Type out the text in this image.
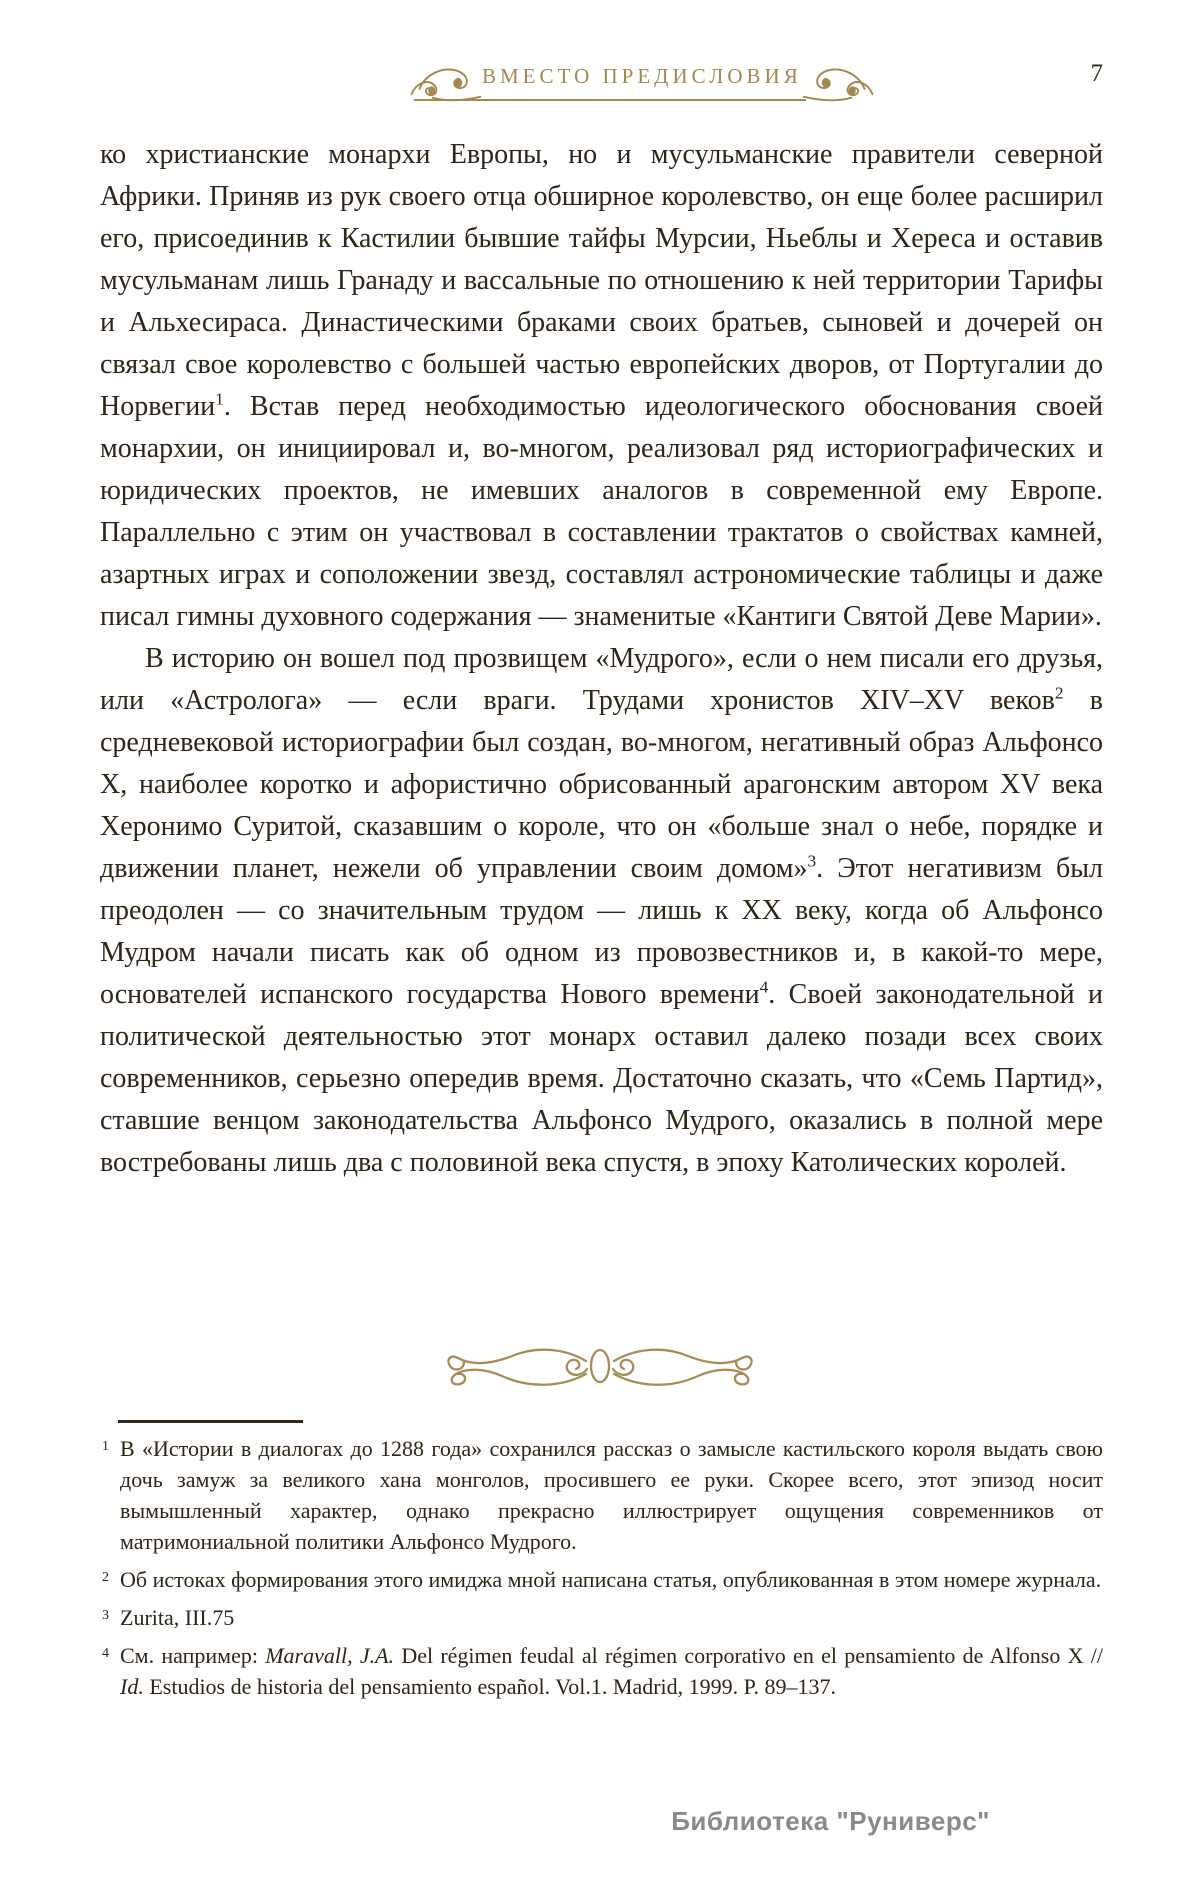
ВМЕСТО ПРЕДИСЛОВИЯ	7

ко христианские монархи Европы, но и мусульманские правители северной Африки. Приняв из рук своего отца обширное королевство, он еще более расширил его, присоединив к Кастилии бывшие тайфы Мурсии, Ньеблы и Хереса и оставив мусульманам лишь Гранаду и вассальные по отношению к ней территории Тарифы и Альхесираса. Династическими браками своих братьев, сыновей и дочерей он связал свое королевство с большей частью европейских дворов, от Португалии до Норвегии$^1$. Встав перед необходимостью идеологического обоснования своей монархии, он инициировал и, во-многом, реализовал ряд историографических и юридических проектов, не имевших аналогов в современной ему Европе. Параллельно с этим он участвовал в составлении трактатов о свойствах камней, азартных играх и соположении звезд, составлял астрономические таблицы и даже писал гимны духовного содержания — знаменитые «Кантиги Святой Деве Марии».

В историю он вошел под прозвищем «Мудрого», если о нем писали его друзья, или «Астролога» — если враги. Трудами хронистов XIV–XV веков$^2$ в средневековой историографии был создан, во-многом, негативный образ Альфонсо X, наиболее коротко и афористично обрисованный арагонским автором XV века Херонимо Суритой, сказавшим о короле, что он «больше знал о небе, порядке и движении планет, нежели об управлении своим домом»$^3$. Этот негативизм был преодолен — со значительным трудом — лишь к XX веку, когда об Альфонсо Мудром начали писать как об одном из провозвестников и, в какой-то мере, основателей испанского государства Нового времени$^4$. Своей законодательной и политической деятельностью этот монарх оставил далеко позади всех своих современников, серьезно опередив время. Достаточно сказать, что «Семь Партид», ставшие венцом законодательства Альфонсо Мудрого, оказались в полной мере востребованы лишь два с половиной века спустя, в эпоху Католических королей.

1 В «Истории в диалогах до 1288 года» сохранился рассказ о замысле кастильского короля выдать свою дочь замуж за великого хана монголов, просившего ее руки. Скорее всего, этот эпизод носит вымышленный характер, однако прекрасно иллюстрирует ощущения современников от матримониальной политики Альфонсо Мудрого.
2 Об истоках формирования этого имиджа мной написана статья, опубликованная в этом номере журнала.
3 Zurita, III.75
4 См. например: Maravall, J.A. Del régimen feudal al régimen corporativo en el pensamiento de Alfonso X // Id. Estudios de historia del pensamiento español. Vol.1. Madrid, 1999. P. 89–137.
Библиотека "Руниверс"
